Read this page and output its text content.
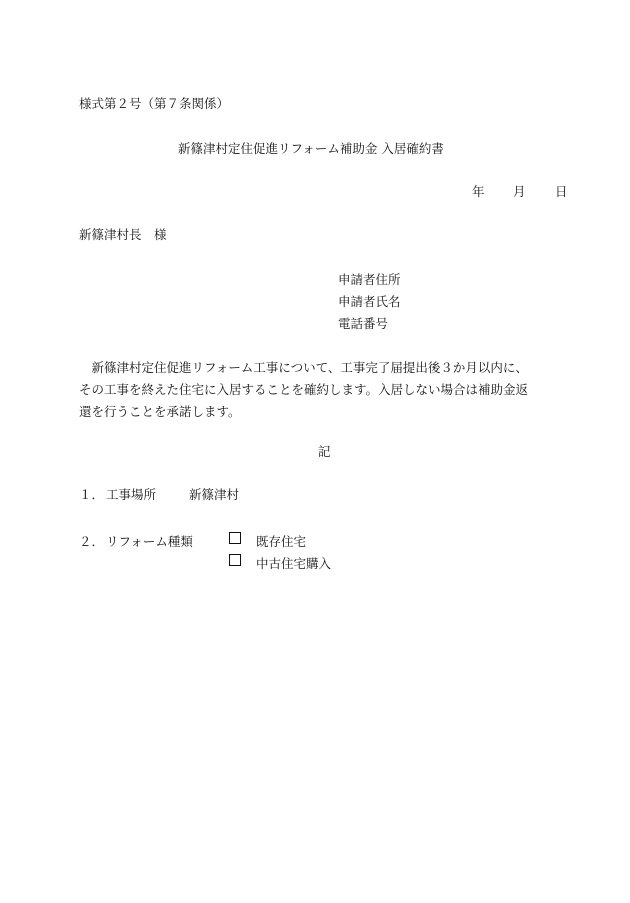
様式第２号（第７条関係）
新篠津村定住促進リフォーム補助金 入居確約書
年 月 日
新篠津村長　様
申請者住所
申請者氏名
電話番号
　新篠津村定住促進リフォーム工事について、工事完了届提出後３か月以内に、
その工事を終えた住宅に入居することを確約します。入居しない場合は補助金返
還を行うことを承諾します。
記
１． 工事場所	新篠津村
２． リフォーム種類	既存住宅
中古住宅購入
